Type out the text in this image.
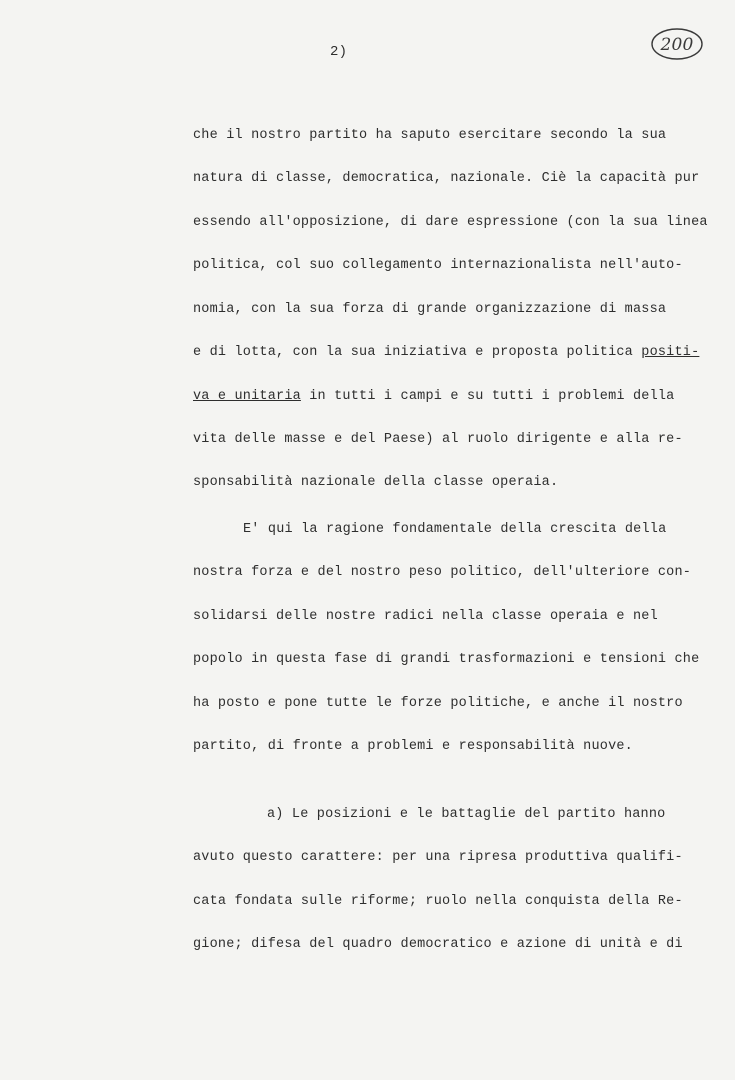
2)	200
che il nostro partito ha saputo esercitare secondo la sua
natura di classe, democratica, nazionale. Ciè la capacità pur
essendo all'opposizione, di dare espressione (con la sua linea
politica, col suo collegamento internazionalista nell'auto-
nomia, con la sua forza di grande organizzazione di massa
e di lotta, con la sua iniziativa e proposta politica positi-
va e unitaria in tutti i campi e su tutti i problemi della
vita delle masse e del Paese) al ruolo dirigente e alla re-
sponsabilità nazionale della classe operaia.
E' qui la ragione fondamentale della crescita della
nostra forza e del nostro peso politico, dell'ulteriore con-
solidarsi delle nostre radici nella classe operaia e nel
popolo in questa fase di grandi trasformazioni e tensioni che
ha posto e pone tutte le forze politiche, e anche il nostro
partito, di fronte a problemi e responsabilità nuove.
a) Le posizioni e le battaglie del partito hanno
avuto questo carattere: per una ripresa produttiva qualifi-
cata fondata sulle riforme; ruolo nella conquista della Re-
gione; difesa del quadro democratico e azione di unità e di
